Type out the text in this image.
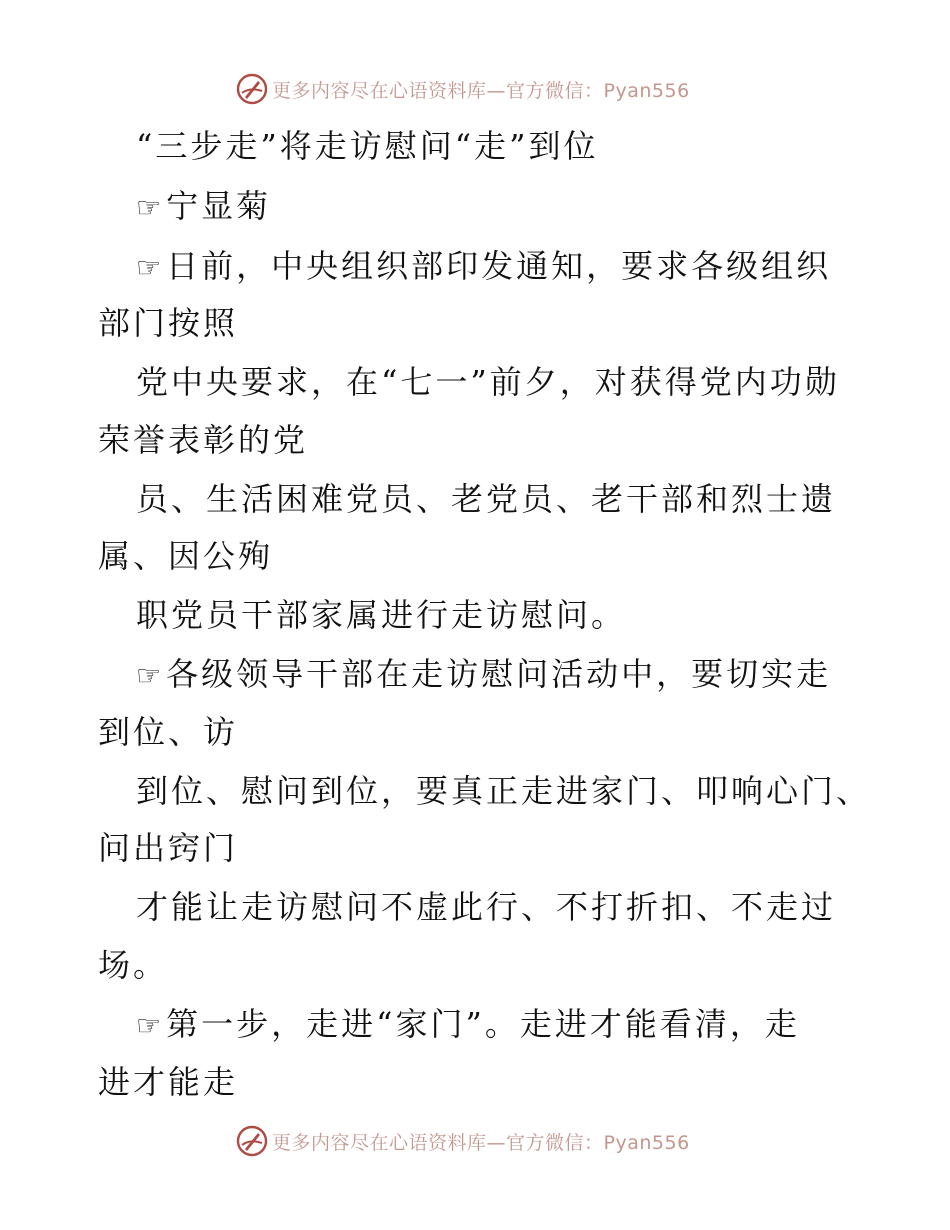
更多内容尽在心语资料库—官方微信：Pyan556
“三步走”将走访慰问“走”到位
☞宁显菊
☞日前，中央组织部印发通知，要求各级组织
部门按照
党中央要求，在“七一”前夕，对获得党内功勋
荣誉表彰的党
员、生活困难党员、老党员、老干部和烈士遗
属、因公殉
职党员干部家属进行走访慰问。
☞各级领导干部在走访慰问活动中，要切实走
到位、访
到位、慰问到位，要真正走进家门、叩响心门、
问出窍门
才能让走访慰问不虚此行、不打折扣、不走过
场。
☞第一步，走进“家门”。走进才能看清，走
进才能走
更多内容尽在心语资料库—官方微信：Pyan556
